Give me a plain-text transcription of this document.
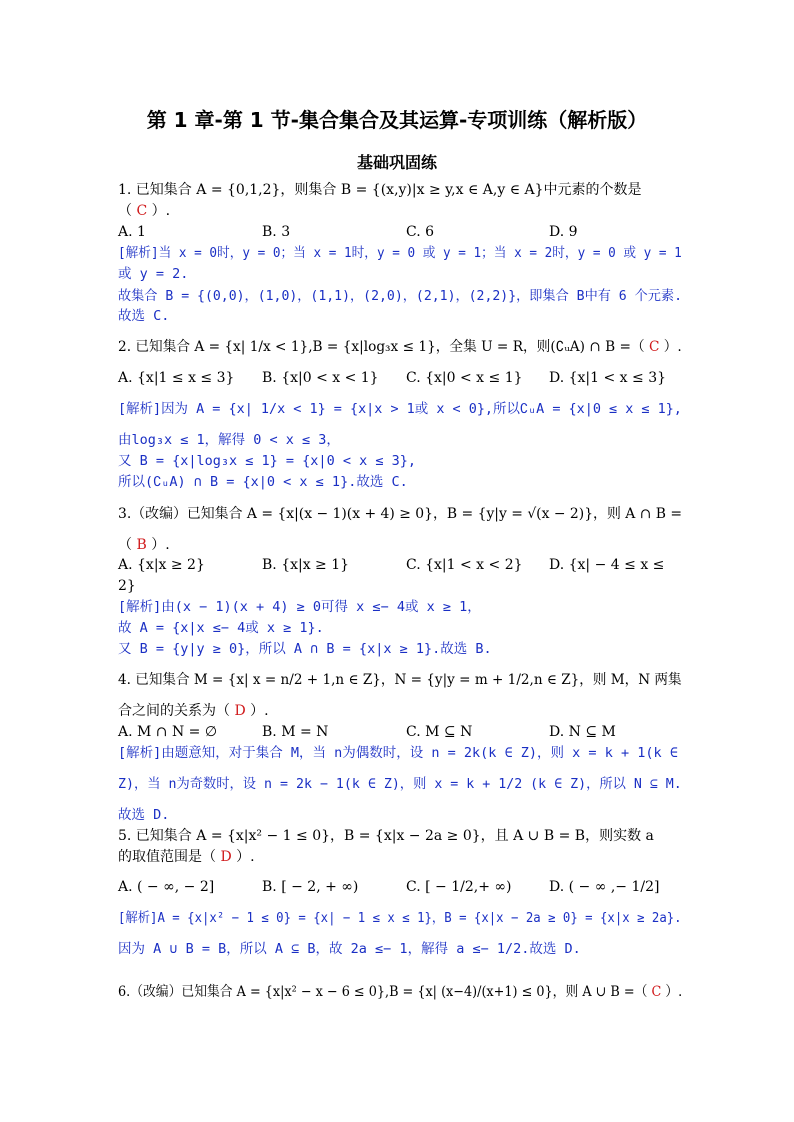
第 1 章-第 1 节-集合集合及其运算-专项训练（解析版）
基础巩固练
1. 已知集合 A = {0,1,2}，则集合 B = {(x,y)|x ≥ y,x ∈ A,y ∈ A}中元素的个数是
（ C ）.
A. 1	B. 3	C. 6	D. 9
[解析]当 x = 0时，y = 0；当 x = 1时，y = 0 或 y = 1；当 x = 2时，y = 0 或 y = 1
或 y = 2.
故集合 B = {(0,0)，(1,0)，(1,1)，(2,0)，(2,1)，(2,2)}，即集合 B中有 6 个元素.
故选 C.
2. 已知集合 A = {x| 1/x < 1},B = {x|log₃x ≤ 1}，全集 U = R，则(∁ᵤA) ∩ B =（ C ）.
A. {x|1 ≤ x ≤ 3} B. {x|0 < x < 1} C. {x|0 < x ≤ 1} D. {x|1 < x ≤ 3}
[解析]因为 A = {x| 1/x < 1} = {x|x > 1或 x < 0},所以∁ᵤA = {x|0 ≤ x ≤ 1},
由log₃x ≤ 1，解得 0 < x ≤ 3，
又 B = {x|log₃x ≤ 1} = {x|0 < x ≤ 3},
所以(∁ᵤA) ∩ B = {x|0 < x ≤ 1}.故选 C.
3.（改编）已知集合 A = {x|(x − 1)(x + 4) ≥ 0}，B = {y|y = √(x − 2)}，则 A ∩ B =
（ B ）.
A. {x|x ≥ 2}	B. {x|x ≥ 1}	C. {x|1 < x < 2} D. {x| − 4 ≤ x ≤
2}
[解析]由(x − 1)(x + 4) ≥ 0可得 x ≤− 4或 x ≥ 1，
故 A = {x|x ≤− 4或 x ≥ 1}.
又 B = {y|y ≥ 0}，所以 A ∩ B = {x|x ≥ 1}.故选 B.
4. 已知集合 M = {x| x = n/2 + 1,n ∈ Z}，N = {y|y = m + 1/2,n ∈ Z}，则 M，N 两集
合之间的关系为（ D ）.
A. M ∩ N = ∅	B. M = N	C. M ⊆ N	D. N ⊆ M
[解析]由题意知，对于集合 M，当 n为偶数时，设 n = 2k(k ∈ Z)，则 x = k + 1(k ∈
Z)，当 n为奇数时，设 n = 2k − 1(k ∈ Z)，则 x = k + 1/2 (k ∈ Z)，所以 N ⊆ M.
故选 D.
5. 已知集合 A = {x|x² − 1 ≤ 0}，B = {x|x − 2a ≥ 0}，且 A ∪ B = B，则实数 a
的取值范围是（ D ）.
A. ( − ∞, − 2]	B. [ − 2, + ∞)	C. [ − 1/2,+ ∞)	D. ( − ∞ ,− 1/2]
[解析]A = {x|x² − 1 ≤ 0} = {x| − 1 ≤ x ≤ 1}，B = {x|x − 2a ≥ 0} = {x|x ≥ 2a}.
因为 A ∪ B = B，所以 A ⊆ B，故 2a ≤− 1，解得 a ≤− 1/2.故选 D.
6.（改编）已知集合 A = {x|x² − x − 6 ≤ 0},B = {x| (x−4)/(x+1) ≤ 0}，则 A ∪ B =（ C ）.
